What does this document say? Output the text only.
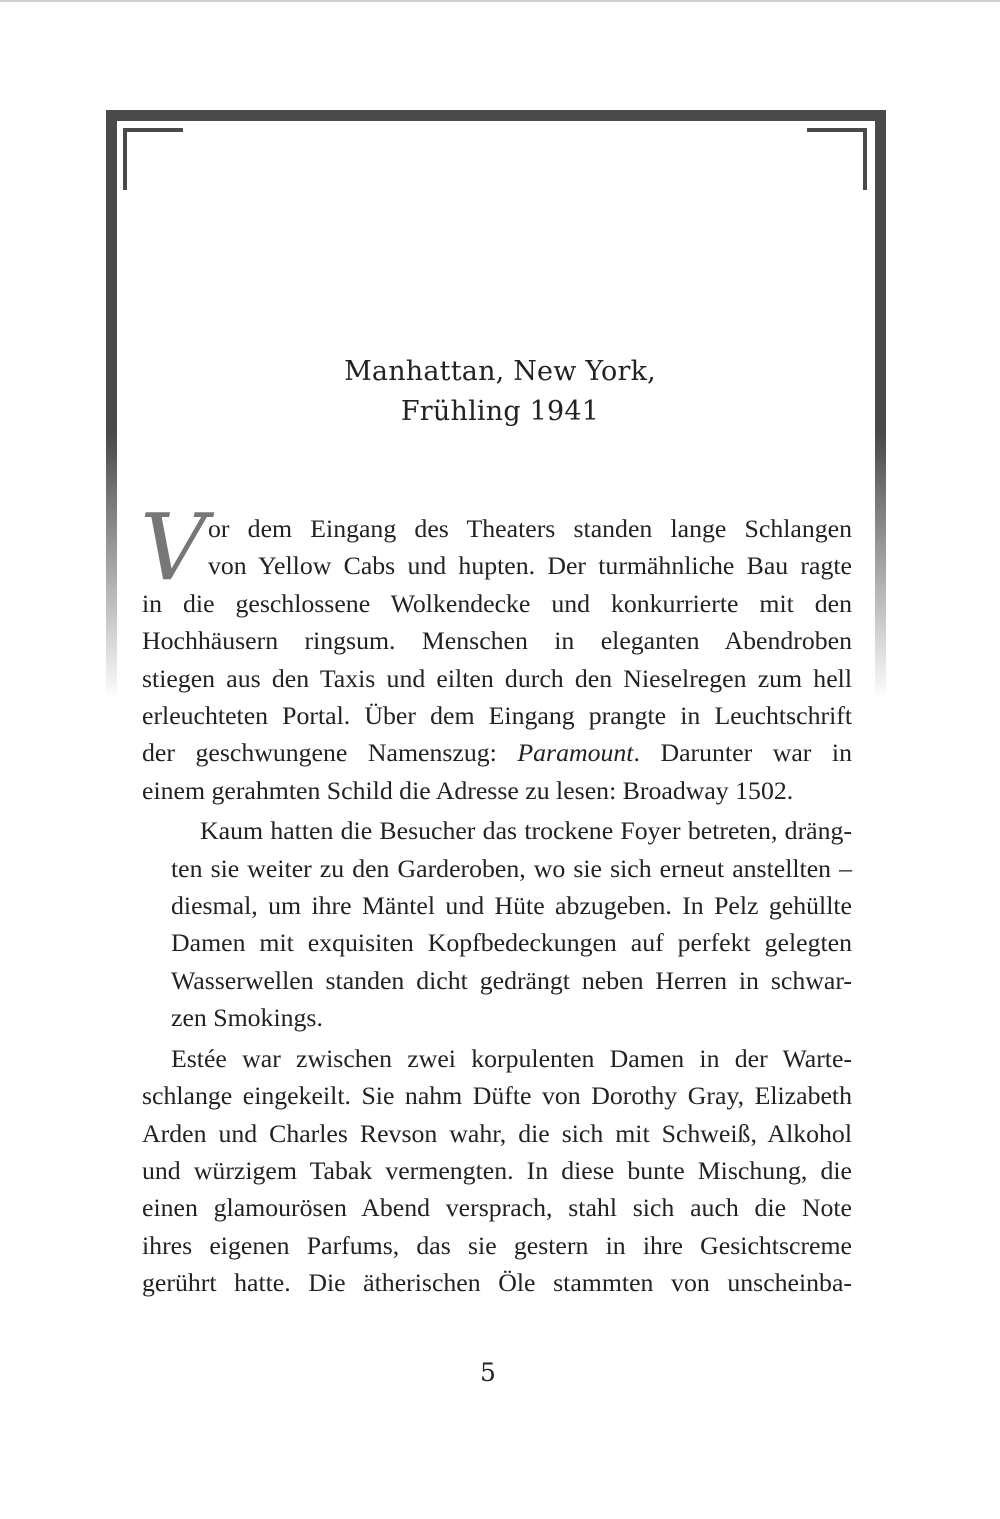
Manhattan, New York,
Frühling 1941
V or dem Eingang des Theaters standen lange Schlangen
von Yellow Cabs und hupten. Der turmähnliche Bau ragte
in die geschlossene Wolkendecke und konkurrierte mit den
Hochhäusern ringsum. Menschen in eleganten Abendroben
stiegen aus den Taxis und eilten durch den Nieselregen zum hell
erleuchteten Portal. Über dem Eingang prangte in Leuchtschrift
der geschwungene Namenszug: Paramount. Darunter war in
einem gerahmten Schild die Adresse zu lesen: Broadway 1502.
Kaum hatten die Besucher das trockene Foyer betreten, dräng-
ten sie weiter zu den Garderoben, wo sie sich erneut anstellten –
diesmal, um ihre Mäntel und Hüte abzugeben. In Pelz gehüllte
Damen mit exquisiten Kopfbedeckungen auf perfekt gelegten
Wasserwellen standen dicht gedrängt neben Herren in schwar-
zen Smokings.
Estée war zwischen zwei korpulenten Damen in der Warte-
schlange eingekeilt. Sie nahm Düfte von Dorothy Gray, Elizabeth
Arden und Charles Revson wahr, die sich mit Schweiß, Alkohol
und würzigem Tabak vermengten. In diese bunte Mischung, die
einen glamourösen Abend versprach, stahl sich auch die Note
ihres eigenen Parfums, das sie gestern in ihre Gesichtscreme
gerührt hatte. Die ätherischen Öle stammten von unscheinba-
5
